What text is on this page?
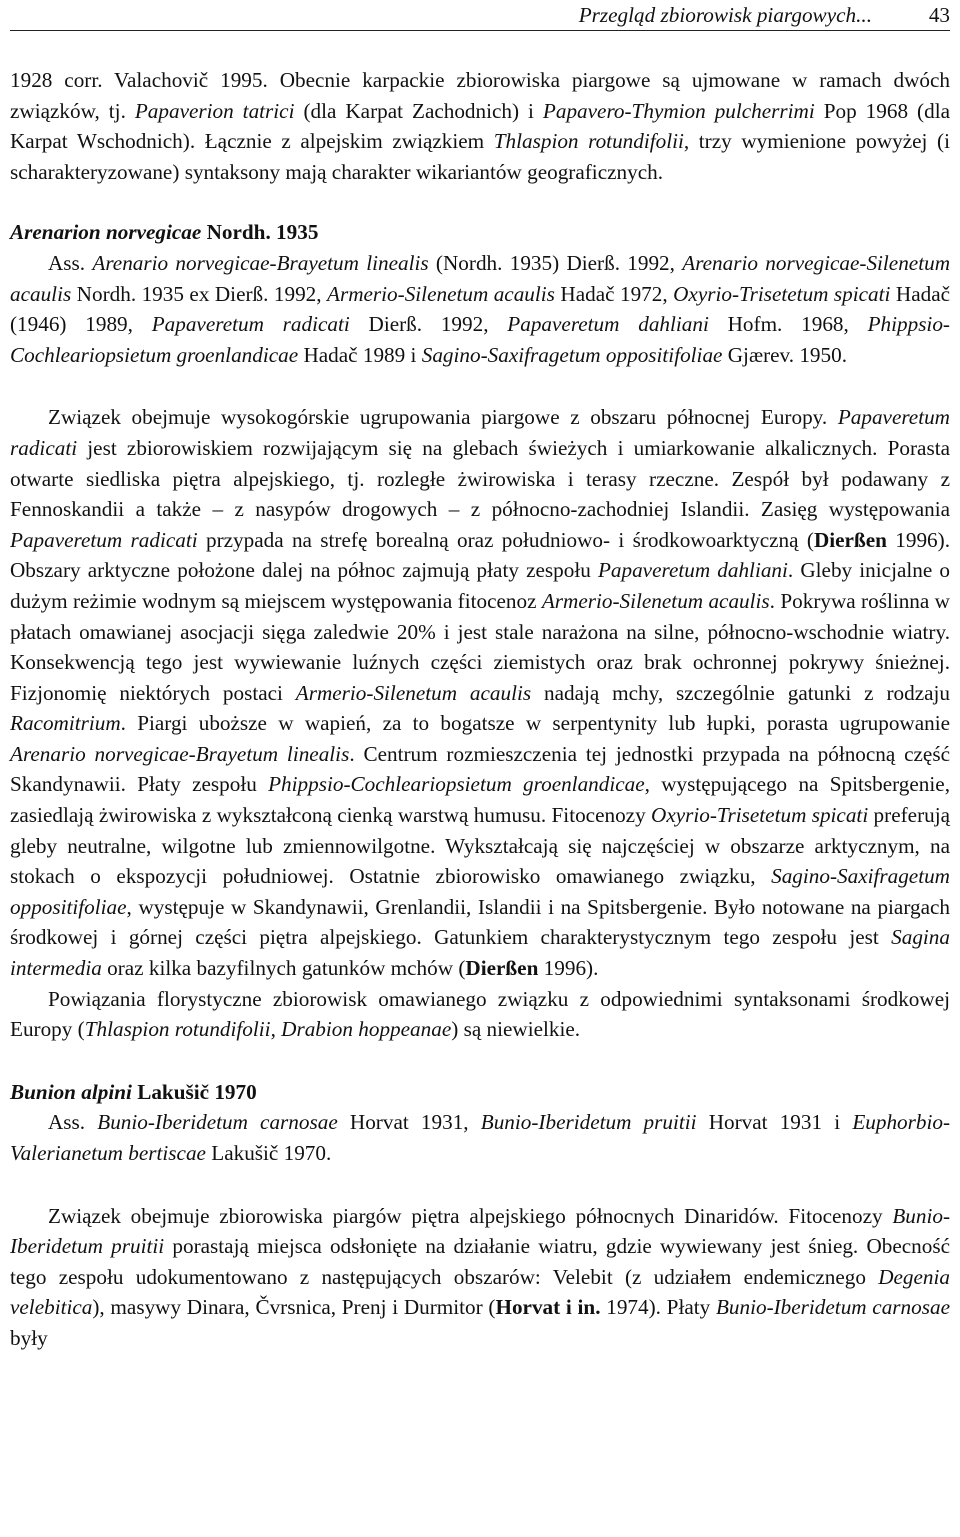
Przegląd zbiorowisk piargowych...	43

1928 corr. Valachovič 1995. Obecnie karpackie zbiorowiska piargowe są ujmowane w ramach dwóch związków, tj. Papaverion tatrici (dla Karpat Zachodnich) i Papavero-Thymion pulcherrimi Pop 1968 (dla Karpat Wschodnich). Łącznie z alpejskim związkiem Thlaspion rotundifolii, trzy wymienione powyżej (i scharakteryzowane) syntaksony mają charakter wikariantów geograficznych.

Arenarion norvegicae Nordh. 1935

Ass. Arenario norvegicae-Brayetum linealis (Nordh. 1935) Dierß. 1992, Arenario norvegicae-Silenetum acaulis Nordh. 1935 ex Dierß. 1992, Armerio-Silenetum acaulis Hadač 1972, Oxyrio-Trisetetum spicati Hadač (1946) 1989, Papaveretum radicati Dierß. 1992, Papaveretum dahliani Hofm. 1968, Phippsio-Cochleariopsietum groenlandicae Hadač 1989 i Sagino-Saxifragetum oppositifoliae Gjærev. 1950.

Związek obejmuje wysokogórskie ugrupowania piargowe z obszaru północnej Europy. Papaveretum radicati jest zbiorowiskiem rozwijającym się na glebach świeżych i umiarkowanie alkalicznych. Porasta otwarte siedliska piętra alpejskiego, tj. rozległe żwirowiska i terasy rzeczne. Zespół był podawany z Fennoskandii a także – z nasypów drogowych – z północno-zachodniej Islandii. Zasięg występowania Papaveretum radicati przypada na strefę borealną oraz południowo- i środkowoarktyczną (Dierßen 1996). Obszary arktyczne położone dalej na północ zajmują płaty zespołu Papaveretum dahliani. Gleby inicjalne o dużym reżimie wodnym są miejscem występowania fitocenoz Armerio-Silenetum acaulis. Pokrywa roślinna w płatach omawianej asocjacji sięga zaledwie 20% i jest stale narażona na silne, północno-wschodnie wiatry. Konsekwencją tego jest wywiewanie luźnych części ziemistych oraz brak ochronnej pokrywy śnieżnej. Fizjonomię niektórych postaci Armerio-Silenetum acaulis nadają mchy, szczególnie gatunki z rodzaju Racomitrium. Piargi uboższe w wapień, za to bogatsze w serpentynity lub łupki, porasta ugrupowanie Arenario norvegicae-Brayetum linealis. Centrum rozmieszczenia tej jednostki przypada na północną część Skandynawii. Płaty zespołu Phippsio-Cochleariopsietum groenlandicae, występującego na Spitsbergenie, zasiedlają żwirowiska z wykształconą cienką warstwą humusu. Fitocenozy Oxyrio-Trisetetum spicati preferują gleby neutralne, wilgotne lub zmiennowilgotne. Wykształcają się najczęściej w obszarze arktycznym, na stokach o ekspozycji południowej. Ostatnie zbiorowisko omawianego związku, Sagino-Saxifragetum oppositifoliae, występuje w Skandynawii, Grenlandii, Islandii i na Spitsbergenie. Było notowane na piargach środkowej i górnej części piętra alpejskiego. Gatunkiem charakterystycznym tego zespołu jest Sagina intermedia oraz kilka bazyfilnych gatunków mchów (Dierßen 1996).

Powiązania florystyczne zbiorowisk omawianego związku z odpowiednimi syntaksonami środkowej Europy (Thlaspion rotundifolii, Drabion hoppeanae) są niewielkie.

Bunion alpini Lakušič 1970

Ass. Bunio-Iberidetum carnosae Horvat 1931, Bunio-Iberidetum pruitii Horvat 1931 i Euphorbio-Valerianetum bertiscae Lakušič 1970.

Związek obejmuje zbiorowiska piargów piętra alpejskiego północnych Dinaridów. Fitocenozy Bunio-Iberidetum pruitii porastają miejsca odsłonięte na działanie wiatru, gdzie wywiewany jest śnieg. Obecność tego zespołu udokumentowano z następujących obszarów: Velebit (z udziałem endemicznego Degenia velebitica), masywy Dinara, Čvrsnica, Prenj i Durmitor (Horvat i in. 1974). Płaty Bunio-Iberidetum carnosae były
